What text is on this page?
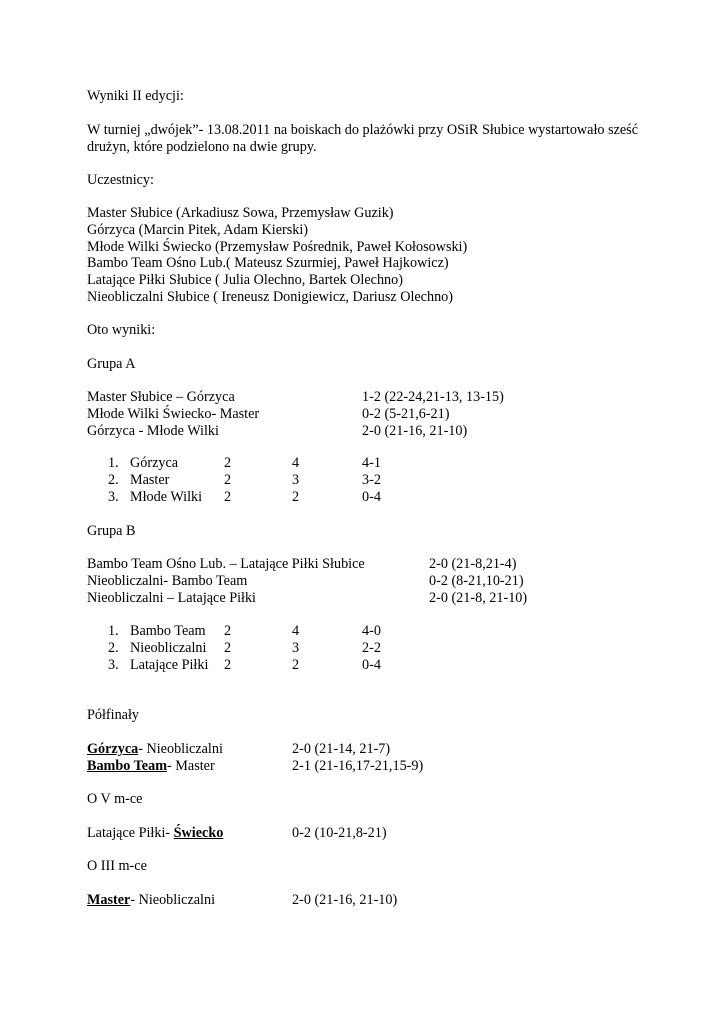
Wyniki II edycji:

W turniej „dwójek”- 13.08.2011 na boiskach do plażówki przy OSiR Słubice wystartowało sześć drużyn, które podzielono na dwie grupy.

Uczestnicy:

Master Słubice (Arkadiusz Sowa, Przemysław Guzik)
Górzyca (Marcin Pitek, Adam Kierski)
Młode Wilki Świecko (Przemysław Pośrednik, Paweł Kołosowski)
Bambo Team Ośno Lub.( Mateusz Szurmiej, Paweł Hajkowicz)
Latające Piłki Słubice ( Julia Olechno, Bartek Olechno)
Nieobliczalni Słubice ( Ireneusz Donigiewicz, Dariusz Olechno)

Oto wyniki:

Grupa A

Master Słubice – Górzyca	1-2 (22-24,21-13, 13-15)
Młode Wilki Świecko- Master	0-2 (5-21,6-21)
Górzyca - Młode Wilki	2-0 (21-16, 21-10)
1. Górzyca	2	4	4-1
2. Master	2	3	3-2
3. Młode Wilki 2	2	0-4

Grupa B

Bambo Team Ośno Lub. – Latające Piłki Słubice	2-0 (21-8,21-4)
Nieobliczalni- Bambo Team	0-2 (8-21,10-21)
Nieobliczalni – Latające Piłki	2-0 (21-8, 21-10)
1. Bambo Team 2	4	4-0
2. Nieobliczalni 2	3	2-2
3. Latające Piłki 2	2	0-4

Półfinały

Górzyca- Nieobliczalni	2-0 (21-14, 21-7)
Bambo Team- Master	2-1 (21-16,17-21,15-9)

O V m-ce

Latające Piłki- Świecko	0-2 (10-21,8-21)

O III m-ce

Master- Nieobliczalni	2-0 (21-16, 21-10)
